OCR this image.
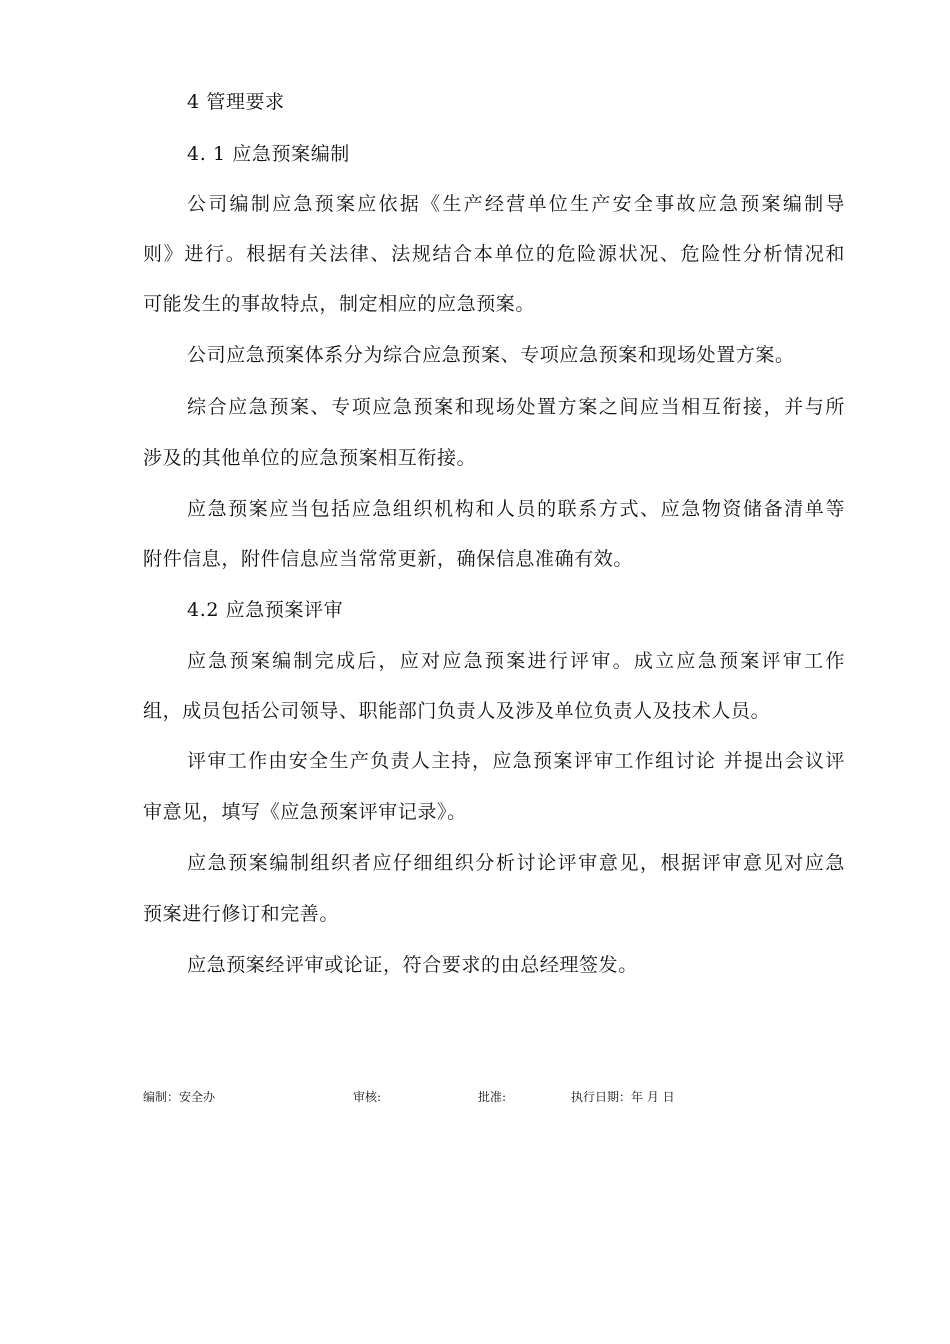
4 管理要求
4. 1 应急预案编制
公司编制应急预案应依据《生产经营单位生产安全事故应急预案编制导
则》进行。根据有关法律、法规结合本单位的危险源状况、危险性分析情况和
可能发生的事故特点，制定相应的应急预案。
公司应急预案体系分为综合应急预案、专项应急预案和现场处置方案。
综合应急预案、专项应急预案和现场处置方案之间应当相互衔接，并与所
涉及的其他单位的应急预案相互衔接。
应急预案应当包括应急组织机构和人员的联系方式、应急物资储备清单等
附件信息，附件信息应当常常更新，确保信息准确有效。
4.2 应急预案评审
应急预案编制完成后，应对应急预案进行评审。成立应急预案评审工作
组，成员包括公司领导、职能部门负责人及涉及单位负责人及技术人员。
评审工作由安全生产负责人主持，应急预案评审工作组讨论 并提出会议评
审意见，填写《应急预案评审记录》。
应急预案编制组织者应仔细组织分析讨论评审意见，根据评审意见对应急
预案进行修订和完善。
应急预案经评审或论证，符合要求的由总经理签发。
编制：安全办	审核:	批准:	执行日期：年 月 日
